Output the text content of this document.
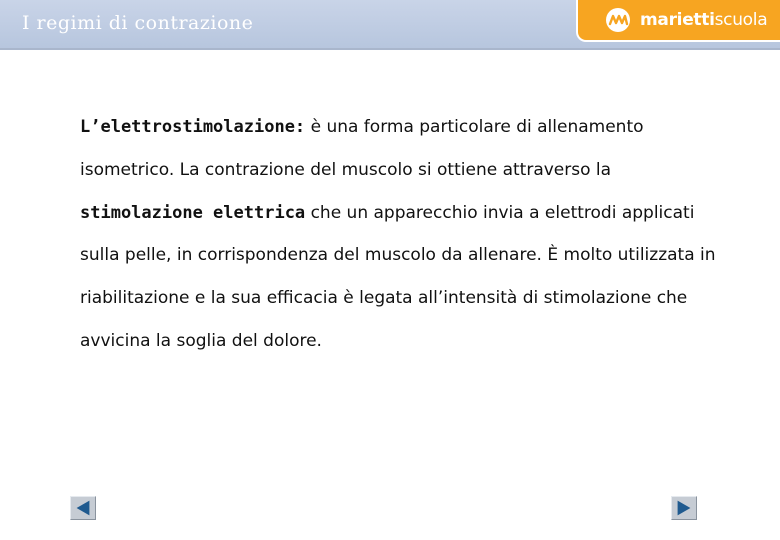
I regimi di contrazione	mariettiscuola

L’elettrostimolazione: è una forma particolare di allenamento isometrico. La contrazione del muscolo si ottiene attraverso la stimolazione elettrica che un apparecchio invia a elettrodi applicati sulla pelle, in corrispondenza del muscolo da allenare. È molto utilizzata in riabilitazione e la sua efficacia è legata all’intensità di stimolazione che avvicina la soglia del dolore.
